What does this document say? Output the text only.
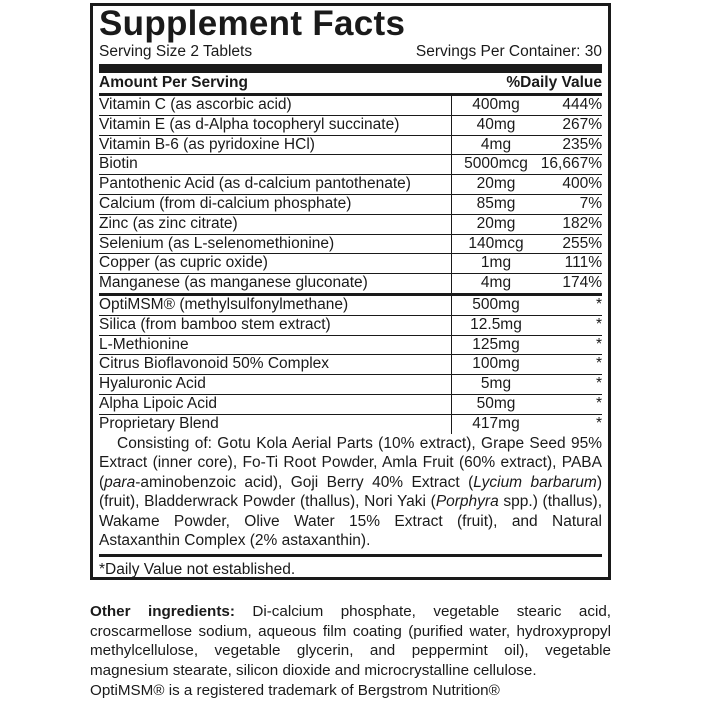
Supplement Facts
Serving Size 2 Tablets	Servings Per Container: 30
Amount Per Serving	%Daily Value
Vitamin C (as ascorbic acid)	400mg	444%
Vitamin E (as d-Alpha tocopheryl succinate)	40mg	267%
Vitamin B-6 (as pyridoxine HCl)	4mg	235%
Biotin	5000mcg 16,667%
Pantothenic Acid (as d-calcium pantothenate)	20mg	400%
Calcium (from di-calcium phosphate)	85mg	7%
Zinc (as zinc citrate)	20mg	182%
Selenium (as L-selenomethionine)	140mcg	255%
Copper (as cupric oxide)	1mg	111%
Manganese (as manganese gluconate)	4mg	174%
OptiMSM® (methylsulfonylmethane)	500mg	*
Silica (from bamboo stem extract)	12.5mg	*
L-Methionine	125mg	*
Citrus Bioflavonoid 50% Complex	100mg	*
Hyaluronic Acid	5mg	*
Alpha Lipoic Acid	50mg	*
Proprietary Blend	417mg	*
Consisting of: Gotu Kola Aerial Parts (10% extract), Grape Seed 95% Extract (inner core), Fo-Ti Root Powder, Amla Fruit (60% extract), PABA (para-aminobenzoic acid), Goji Berry 40% Extract (Lycium barbarum) (fruit), Bladderwrack Powder (thallus), Nori Yaki (Porphyra spp.) (thallus), Wakame Powder, Olive Water 15% Extract (fruit), and Natural Astaxanthin Complex (2% astaxanthin).
*Daily Value not established.
Other ingredients: Di-calcium phosphate, vegetable stearic acid, croscarmellose sodium, aqueous film coating (purified water, hydroxypropyl methylcellulose, vegetable glycerin, and peppermint oil), vegetable magnesium stearate, silicon dioxide and microcrystalline cellulose.
OptiMSM® is a registered trademark of Bergstrom Nutrition®
